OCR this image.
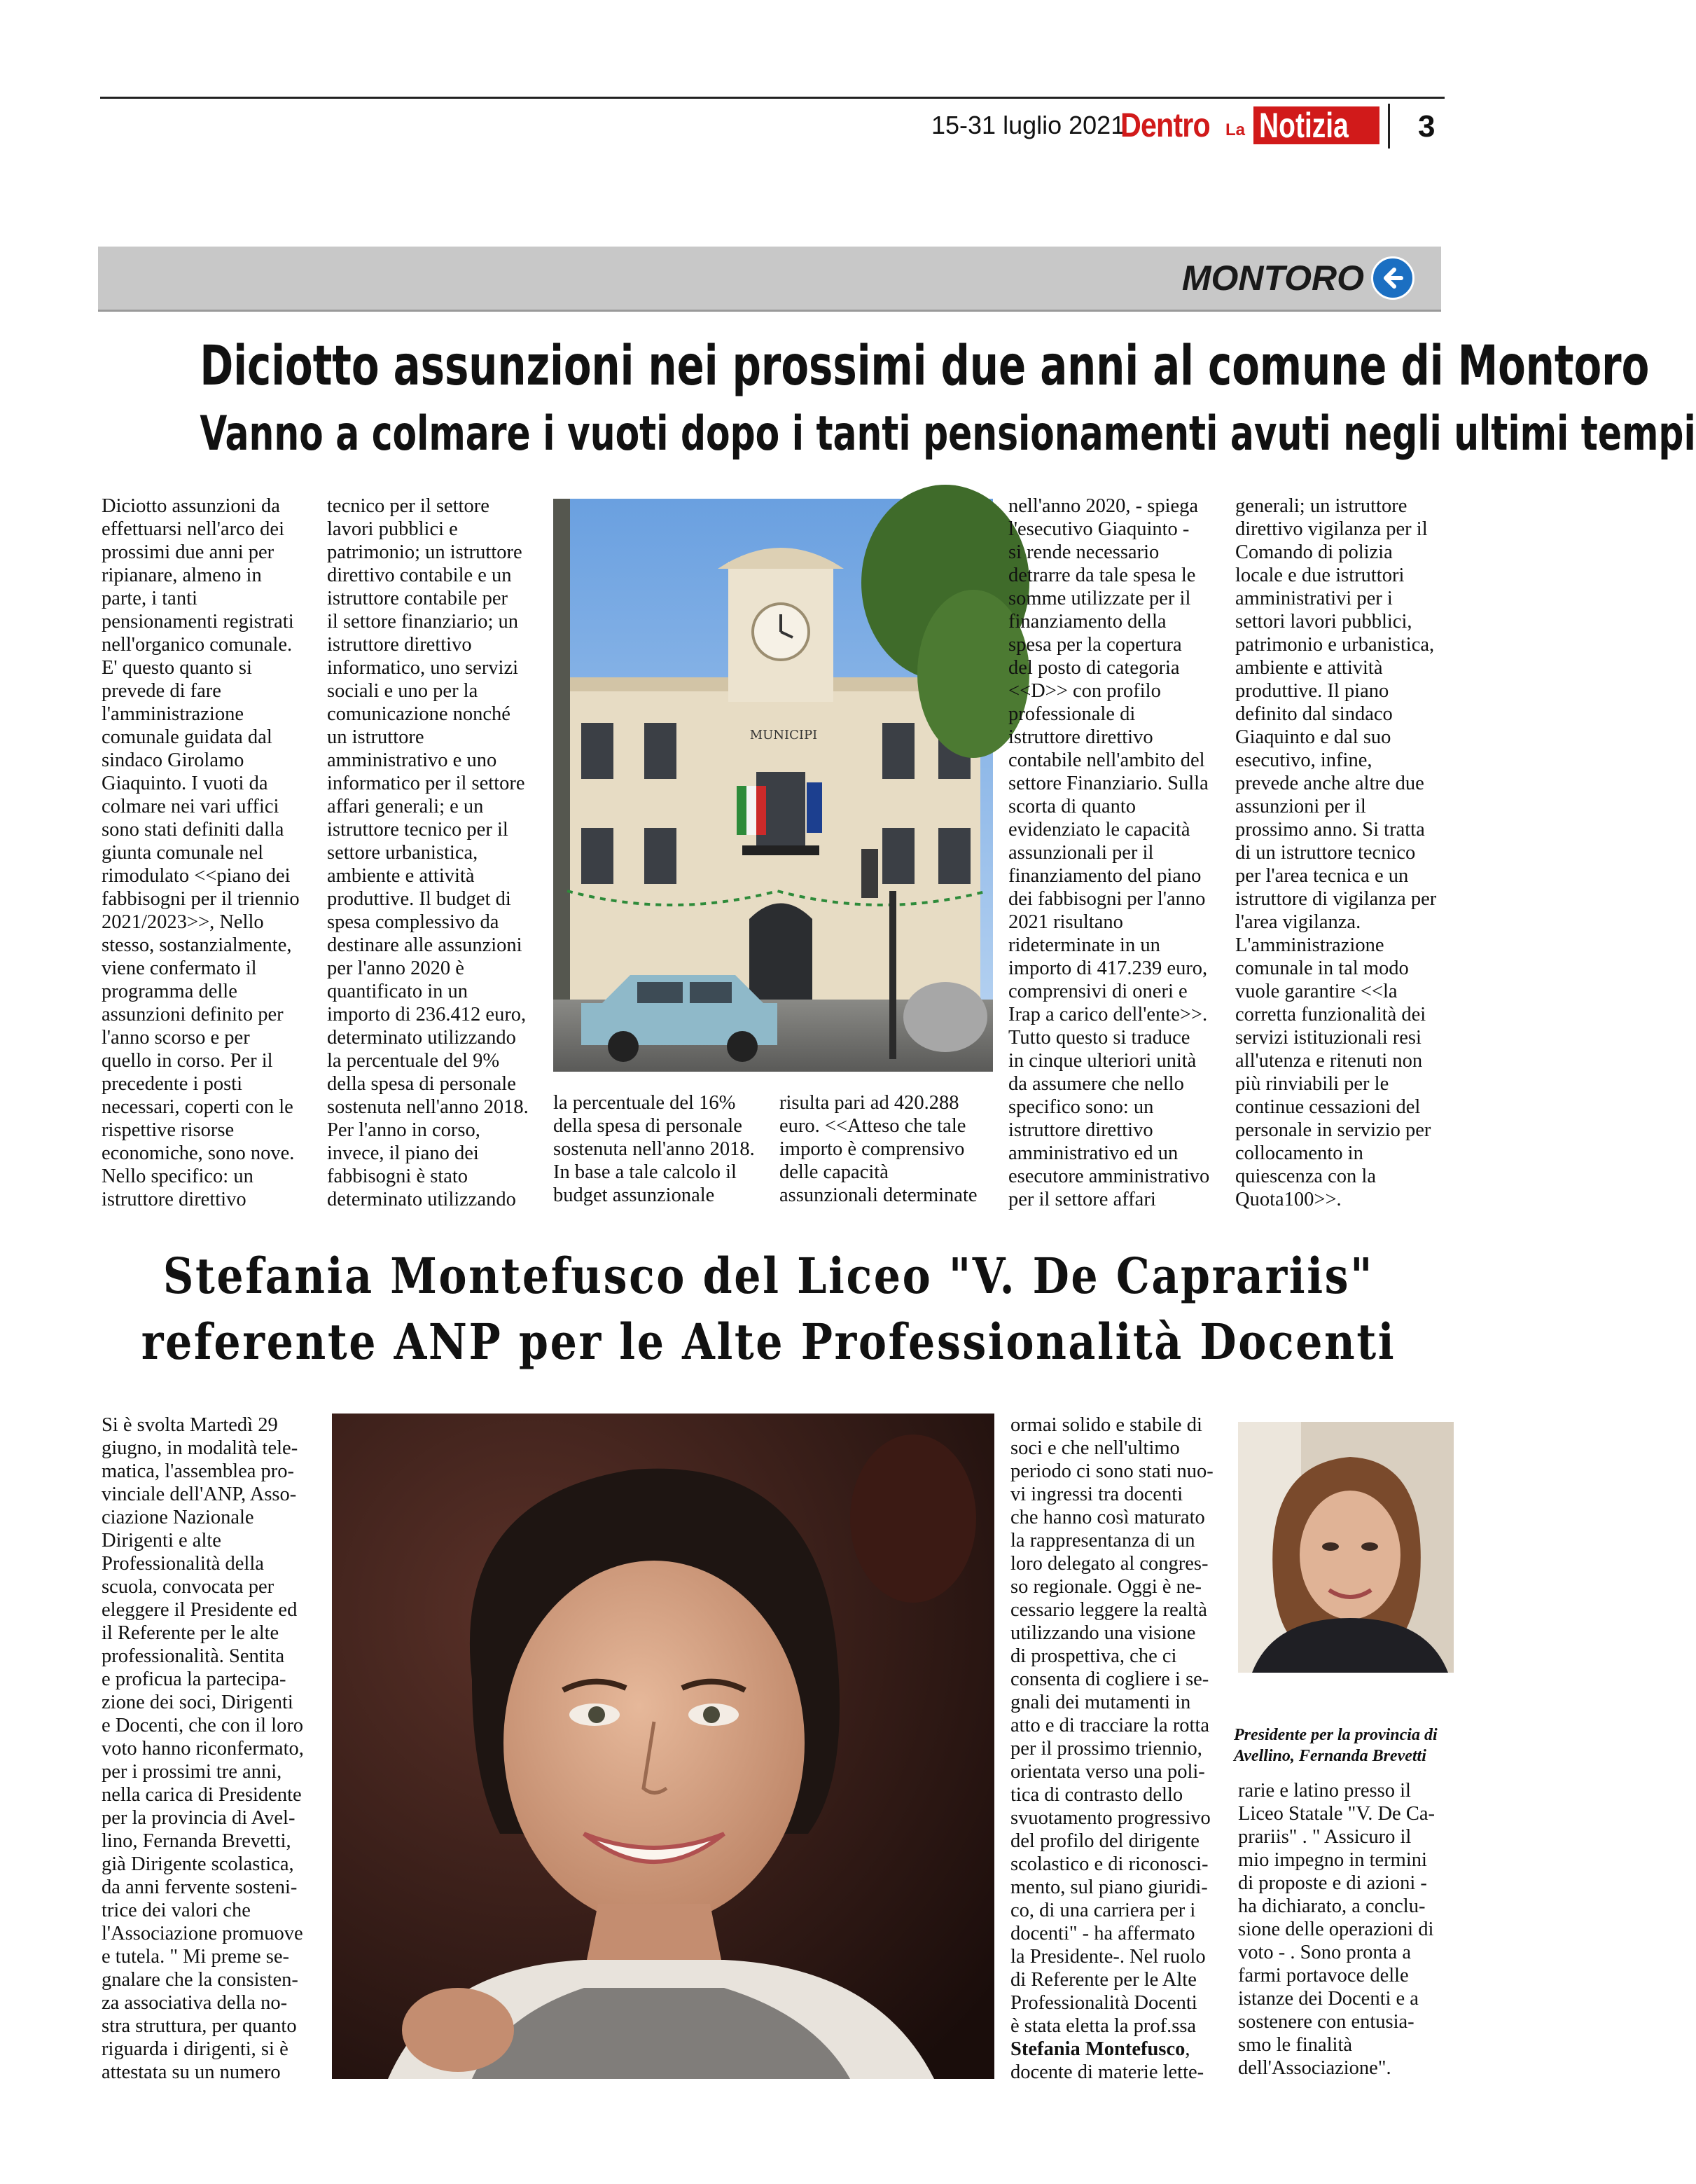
15-31 luglio 2021
Dentro La Notizia 3
MONTORO
Diciotto assunzioni nei prossimi due anni al comune di Montoro
Vanno a colmare i vuoti dopo i tanti pensionamenti avuti negli ultimi tempi
Diciotto assunzioni da
effettuarsi nell'arco dei
prossimi due anni per
ripianare, almeno in
parte, i tanti
pensionamenti registrati
nell'organico comunale.
E' questo quanto si
prevede di fare
l'amministrazione
comunale guidata dal
sindaco Girolamo
Giaquinto. I vuoti da
colmare nei vari uffici
sono stati definiti dalla
giunta comunale nel
rimodulato <<piano dei
fabbisogni per il triennio
2021/2023>>, Nello
stesso, sostanzialmente,
viene confermato il
programma delle
assunzioni definito per
l'anno scorso e per
quello in corso. Per il
precedente i posti
necessari, coperti con le
rispettive risorse
economiche, sono nove.
Nello specifico: un
istruttore direttivo
tecnico per il settore
lavori pubblici e
patrimonio; un istruttore
direttivo contabile e un
istruttore contabile per
il settore finanziario; un
istruttore direttivo
informatico, uno servizi
sociali e uno per la
comunicazione nonché
un istruttore
amministrativo e uno
informatico per il settore
affari generali; e un
istruttore tecnico per il
settore urbanistica,
ambiente e attività
produttive. Il budget di
spesa complessivo da
destinare alle assunzioni
per l'anno 2020 è
quantificato in un
importo di 236.412 euro,
determinato utilizzando
la percentuale del 9%
della spesa di personale
sostenuta nell'anno 2018.
Per l'anno in corso,
invece, il piano dei
fabbisogni è stato
determinato utilizzando
MUNICIPI
la percentuale del 16%
della spesa di personale
sostenuta nell'anno 2018.
In base a tale calcolo il
budget assunzionale
risulta pari ad 420.288
euro. <<Atteso che tale
importo è comprensivo
delle capacità
assunzionali determinate
nell'anno 2020, - spiega
l'esecutivo Giaquinto -
si rende necessario
detrarre da tale spesa le
somme utilizzate per il
finanziamento della
spesa per la copertura
del posto di categoria
<<D>> con profilo
professionale di
istruttore direttivo
contabile nell'ambito del
settore Finanziario. Sulla
scorta di quanto
evidenziato le capacità
assunzionali per il
finanziamento del piano
dei fabbisogni per l'anno
2021 risultano
rideterminate in un
importo di 417.239 euro,
comprensivi di oneri e
Irap a carico dell'ente>>.
Tutto questo si traduce
in cinque ulteriori unità
da assumere che nello
specifico sono: un
istruttore direttivo
amministrativo ed un
esecutore amministrativo
per il settore affari
generali; un istruttore
direttivo vigilanza per il
Comando di polizia
locale e due istruttori
amministrativi per i
settori lavori pubblici,
patrimonio e urbanistica,
ambiente e attività
produttive. Il piano
definito dal sindaco
Giaquinto e dal suo
esecutivo, infine,
prevede anche altre due
assunzioni per il
prossimo anno. Si tratta
di un istruttore tecnico
per l'area tecnica e un
istruttore di vigilanza per
l'area vigilanza.
L'amministrazione
comunale in tal modo
vuole garantire <<la
corretta funzionalità dei
servizi istituzionali resi
all'utenza e ritenuti non
più rinviabili per le
continue cessazioni del
personale in servizio per
collocamento in
quiescenza con la
Quota100>>.
Stefania Montefusco del Liceo "V. De Caprariis"
referente ANP per le Alte Professionalità Docenti
Si è svolta Martedì 29
giugno, in modalità tele-
matica, l'assemblea pro-
vinciale dell'ANP, Asso-
ciazione Nazionale
Dirigenti e alte
Professionalità della
scuola, convocata per
eleggere il Presidente ed
il Referente per le alte
professionalità. Sentita
e proficua la partecipa-
zione dei soci, Dirigenti
e Docenti, che con il loro
voto hanno riconfermato,
per i prossimi tre anni,
nella carica di Presidente
per la provincia di Avel-
lino, Fernanda Brevetti,
già Dirigente scolastica,
da anni fervente sosteni-
trice dei valori che
l'Associazione promuove
e tutela. " Mi preme se-
gnalare che la consisten-
za associativa della no-
stra struttura, per quanto
riguarda i dirigenti, si è
attestata su un numero
ormai solido e stabile di
soci e che nell'ultimo
periodo ci sono stati nuo-
vi ingressi tra docenti
che hanno così maturato
la rappresentanza di un
loro delegato al congres-
so regionale. Oggi è ne-
cessario leggere la realtà
utilizzando una visione
di prospettiva, che ci
consenta di cogliere i se-
gnali dei mutamenti in
atto e di tracciare la rotta
per il prossimo triennio,
orientata verso una poli-
tica di contrasto dello
svuotamento progressivo
del profilo del dirigente
scolastico e di riconosci-
mento, sul piano giuridi-
co, di una carriera per i
docenti" - ha affermato
la Presidente-. Nel ruolo
di Referente per le Alte
Professionalità Docenti
è stata eletta la prof.ssa
Stefania Montefusco,
docente di materie lette-
Presidente per la provincia di Avellino, Fernanda Brevetti
rarie e latino presso il
Liceo Statale "V. De Ca-
prariis" . " Assicuro il
mio impegno in termini
di proposte e di azioni -
ha dichiarato, a conclu-
sione delle operazioni di
voto - . Sono pronta a
farmi portavoce delle
istanze dei Docenti e a
sostenere con entusia-
smo le finalità
dell'Associazione".
